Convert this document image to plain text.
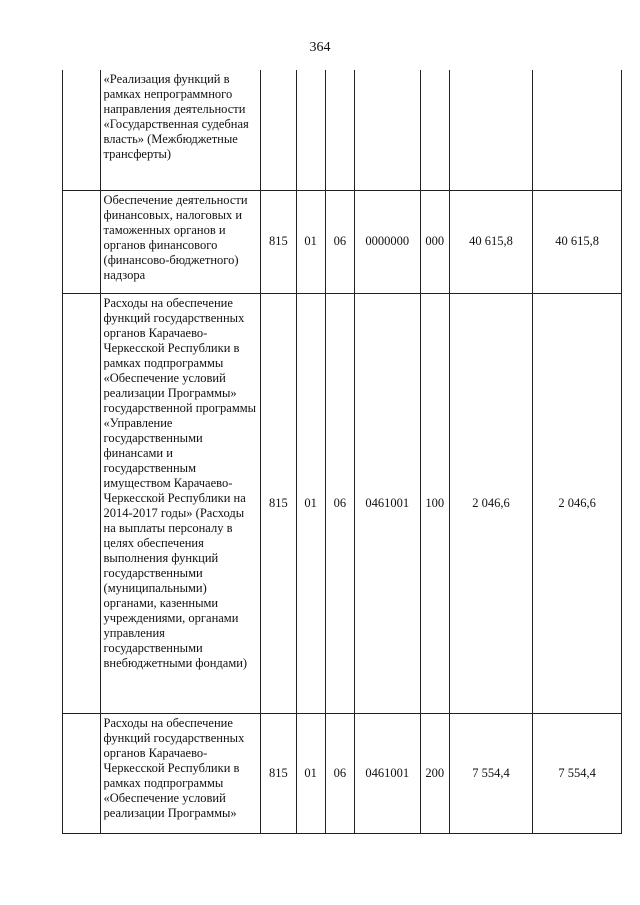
364
	«Реализация функций в рамках непрограммного направления деятельности «Государственная судебная власть» (Межбюджетные трансферты)							
	Обеспечение деятельности финансовых, налоговых и таможенных органов и органов финансового (финансово-бюджетного) надзора	815	01	06	0000000	000	40 615,8	40 615,8
	Расходы на обеспечение функций государственных органов Карачаево-Черкесской Республики в рамках подпрограммы «Обеспечение условий реализации Программы» государственной программы «Управление государственными финансами и государственным имуществом Карачаево-Черкесской Республики на 2014-2017 годы» (Расходы на выплаты персоналу в целях обеспечения выполнения функций государственными (муниципальными) органами, казенными учреждениями, органами управления государственными внебюджетными фондами)	815	01	06	0461001	100	2 046,6	2 046,6
	Расходы на обеспечение функций государственных органов Карачаево-Черкесской Республики в рамках подпрограммы «Обеспечение условий реализации Программы»	815	01	06	0461001	200	7 554,4	7 554,4
